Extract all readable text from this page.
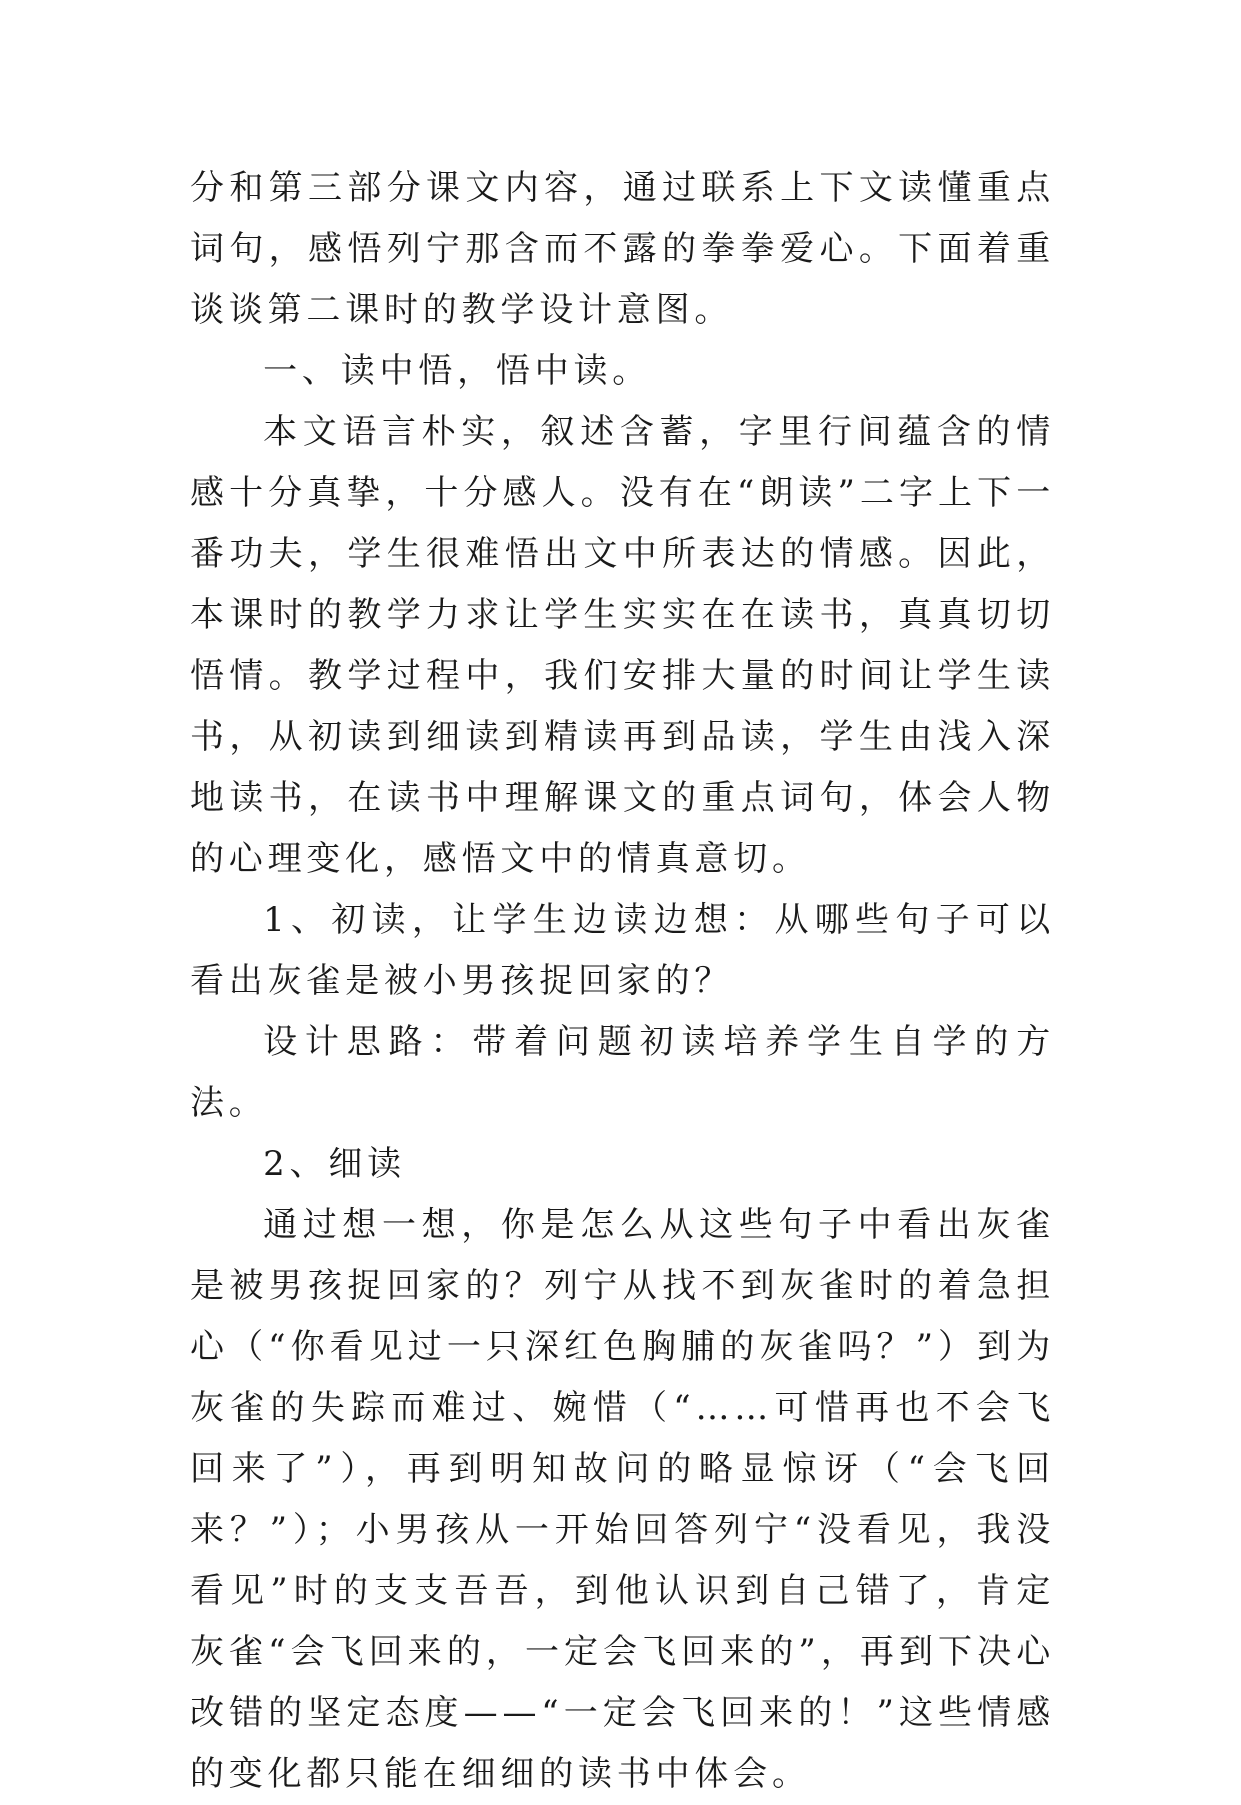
分和第三部分课文内容，通过联系上下文读懂重点词句，感悟列宁那含而不露的拳拳爱心。下面着重谈谈第二课时的教学设计意图。

一、读中悟，悟中读。

本文语言朴实，叙述含蓄，字里行间蕴含的情感十分真挚，十分感人。没有在“朗读”二字上下一番功夫，学生很难悟出文中所表达的情感。因此，本课时的教学力求让学生实实在在读书，真真切切悟情。教学过程中，我们安排大量的时间让学生读书，从初读到细读到精读再到品读，学生由浅入深地读书，在读书中理解课文的重点词句，体会人物的心理变化，感悟文中的情真意切。

1、初读，让学生边读边想：从哪些句子可以看出灰雀是被小男孩捉回家的？

设计思路：带着问题初读培养学生自学的方法。

2、细读

通过想一想，你是怎么从这些句子中看出灰雀是被男孩捉回家的？列宁从找不到灰雀时的着急担心（“你看见过一只深红色胸脯的灰雀吗？”）到为灰雀的失踪而难过、婉惜（“……可惜再也不会飞回来了”），再到明知故问的略显惊讶（“会飞回来？”）；小男孩从一开始回答列宁“没看见，我没看见”时的支支吾吾，到他认识到自己错了，肯定灰雀“会飞回来的，一定会飞回来的”，再到下决心改错的坚定态度——“一定会飞回来的！”这些情感的变化都只能在细细的读书中体会。
